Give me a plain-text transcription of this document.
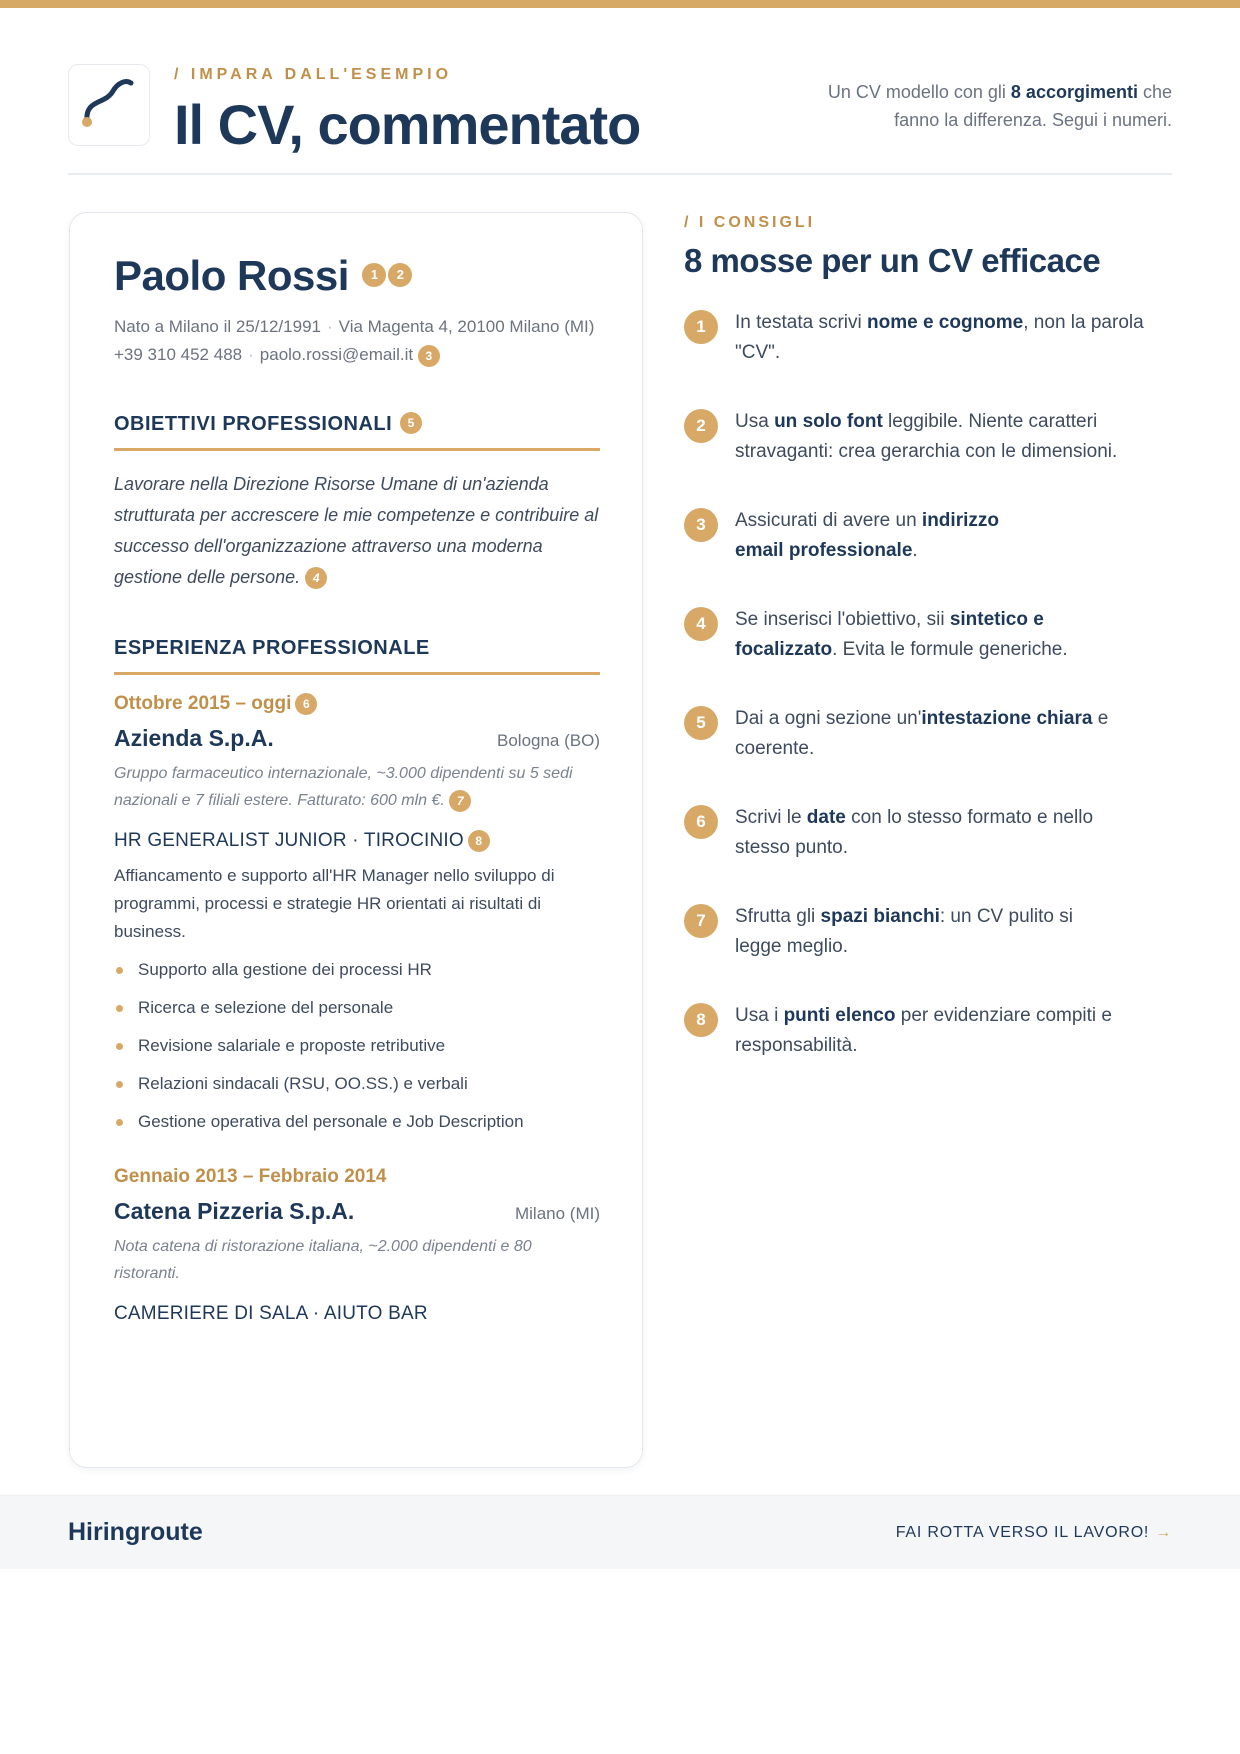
/ IMPARA DALL'ESEMPIO
Il CV, commentato
Un CV modello con gli 8 accorgimenti che fanno la differenza. Segui i numeri.
Paolo Rossi 1 2
Nato a Milano il 25/12/1991 · Via Magenta 4, 20100 Milano (MI)
+39 310 452 488 · paolo.rossi@email.it 3
OBIETTIVI PROFESSIONALI 5
Lavorare nella Direzione Risorse Umane di un'azienda strutturata per accrescere le mie competenze e contribuire al successo dell'organizzazione attraverso una moderna gestione delle persone. 4
ESPERIENZA PROFESSIONALE
Ottobre 2015 – oggi 6
Azienda S.p.A.	Bologna (BO)
Gruppo farmaceutico internazionale, ~3.000 dipendenti su 5 sedi nazionali e 7 filiali estere. Fatturato: 600 mln €. 7
HR GENERALIST JUNIOR · TIROCINIO 8
Affiancamento e supporto all'HR Manager nello sviluppo di programmi, processi e strategie HR orientati ai risultati di business.
Supporto alla gestione dei processi HR
Ricerca e selezione del personale
Revisione salariale e proposte retributive
Relazioni sindacali (RSU, OO.SS.) e verbali
Gestione operativa del personale e Job Description
Gennaio 2013 – Febbraio 2014
Catena Pizzeria S.p.A.	Milano (MI)
Nota catena di ristorazione italiana, ~2.000 dipendenti e 80 ristoranti.
CAMERIERE DI SALA · AIUTO BAR
/ I CONSIGLI
8 mosse per un CV efficace
1	In testata scrivi nome e cognome, non la parola "CV".
2	Usa un solo font leggibile. Niente caratteri stravaganti: crea gerarchia con le dimensioni.
3	Assicurati di avere un indirizzo email professionale.
4	Se inserisci l'obiettivo, sii sintetico e focalizzato. Evita le formule generiche.
5	Dai a ogni sezione un'intestazione chiara e coerente.
6	Scrivi le date con lo stesso formato e nello stesso punto.
7	Sfrutta gli spazi bianchi: un CV pulito si legge meglio.
8	Usa i punti elenco per evidenziare compiti e responsabilità.
Hiringroute	FAI ROTTA VERSO IL LAVORO! →
